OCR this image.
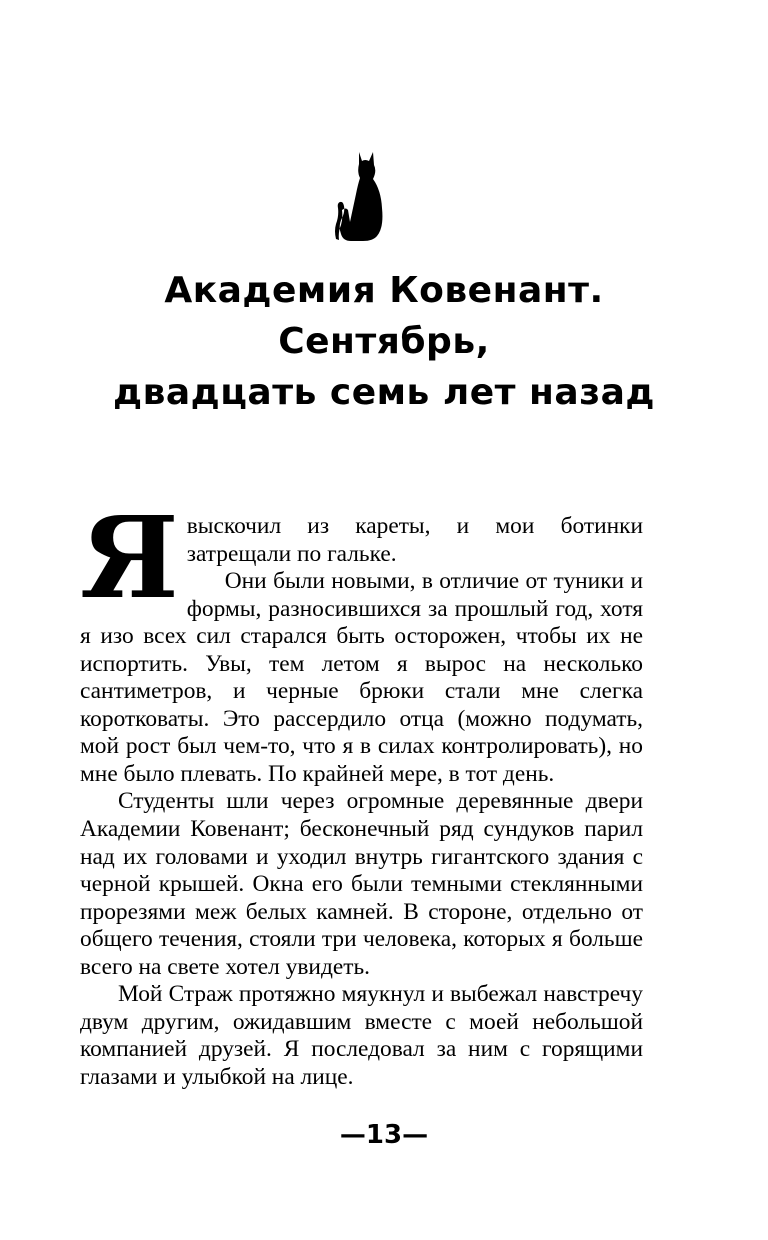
Академия Ковенант.
Сентябрь,
двадцать семь лет назад

Явыскочил из кареты, и мои ботинки затрещали по гальке.

Они были новыми, в отличие от туники и формы, разносившихся за прошлый год, хотя я изо всех сил старался быть осторожен, чтобы их не испортить. Увы, тем летом я вырос на несколько сантиметров, и черные брюки стали мне слегка коротковаты. Это рассердило отца (можно подумать, мой рост был чем-то, что я в силах контролировать), но мне было плевать. По крайней мере, в тот день.

Студенты шли через огромные деревянные двери Академии Ковенант; бесконечный ряд сундуков парил над их головами и уходил внутрь гигантского здания с черной крышей. Окна его были темными стеклянными прорезями меж белых камней. В стороне, отдельно от общего течения, стояли три человека, которых я больше всего на свете хотел увидеть.

Мой Страж протяжно мяукнул и выбежал навстречу двум другим, ожидавшим вместе с моей небольшой компанией друзей. Я последовал за ним с горящими глазами и улыбкой на лице.

—13—
